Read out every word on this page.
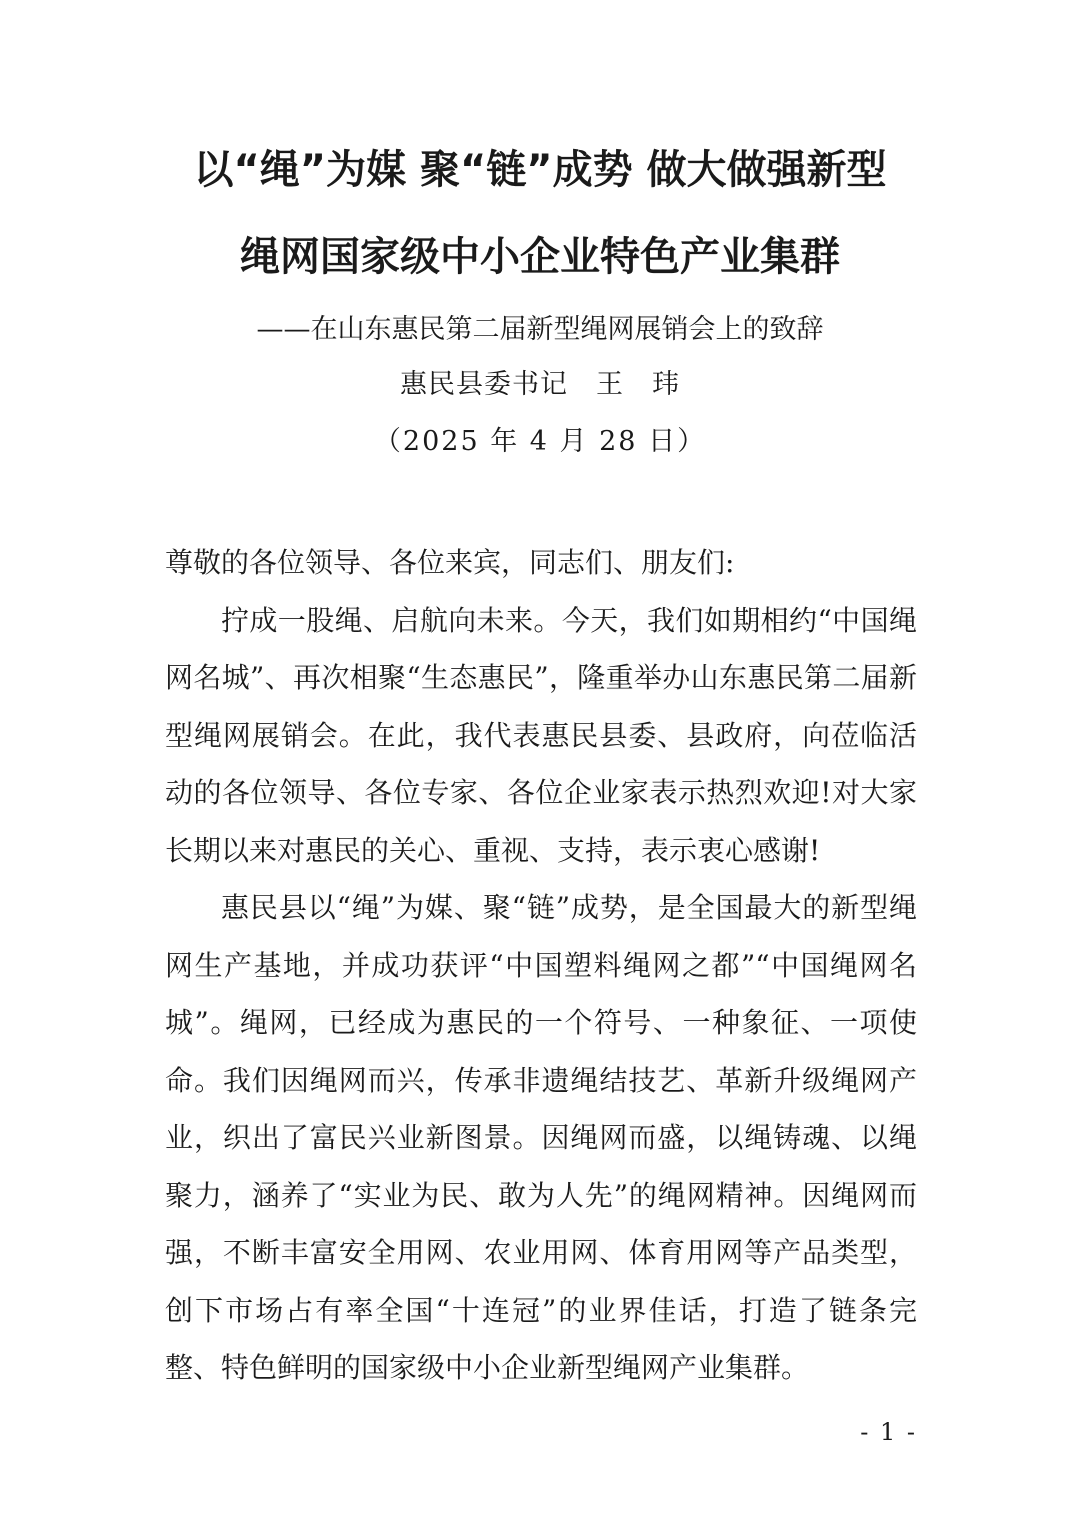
以“绳”为媒 聚“链”成势 做大做强新型
绳网国家级中小企业特色产业集群
——在山东惠民第二届新型绳网展销会上的致辞
惠民县委书记　王　玮
（2025 年 4 月 28 日）

尊敬的各位领导、各位来宾，同志们、朋友们:

拧成一股绳、启航向未来。今天，我们如期相约“中国绳网名城”、再次相聚“生态惠民”，隆重举办山东惠民第二届新型绳网展销会。在此，我代表惠民县委、县政府，向莅临活动的各位领导、各位专家、各位企业家表示热烈欢迎!对大家长期以来对惠民的关心、重视、支持，表示衷心感谢!

惠民县以“绳”为媒、聚“链”成势，是全国最大的新型绳网生产基地，并成功获评“中国塑料绳网之都”“中国绳网名城”。绳网，已经成为惠民的一个符号、一种象征、一项使命。我们因绳网而兴，传承非遗绳结技艺、革新升级绳网产业，织出了富民兴业新图景。因绳网而盛，以绳铸魂、以绳聚力，涵养了“实业为民、敢为人先”的绳网精神。因绳网而强，不断丰富安全用网、农业用网、体育用网等产品类型，创下市场占有率全国“十连冠”的业界佳话，打造了链条完整、特色鲜明的国家级中小企业新型绳网产业集群。

- 1 -
